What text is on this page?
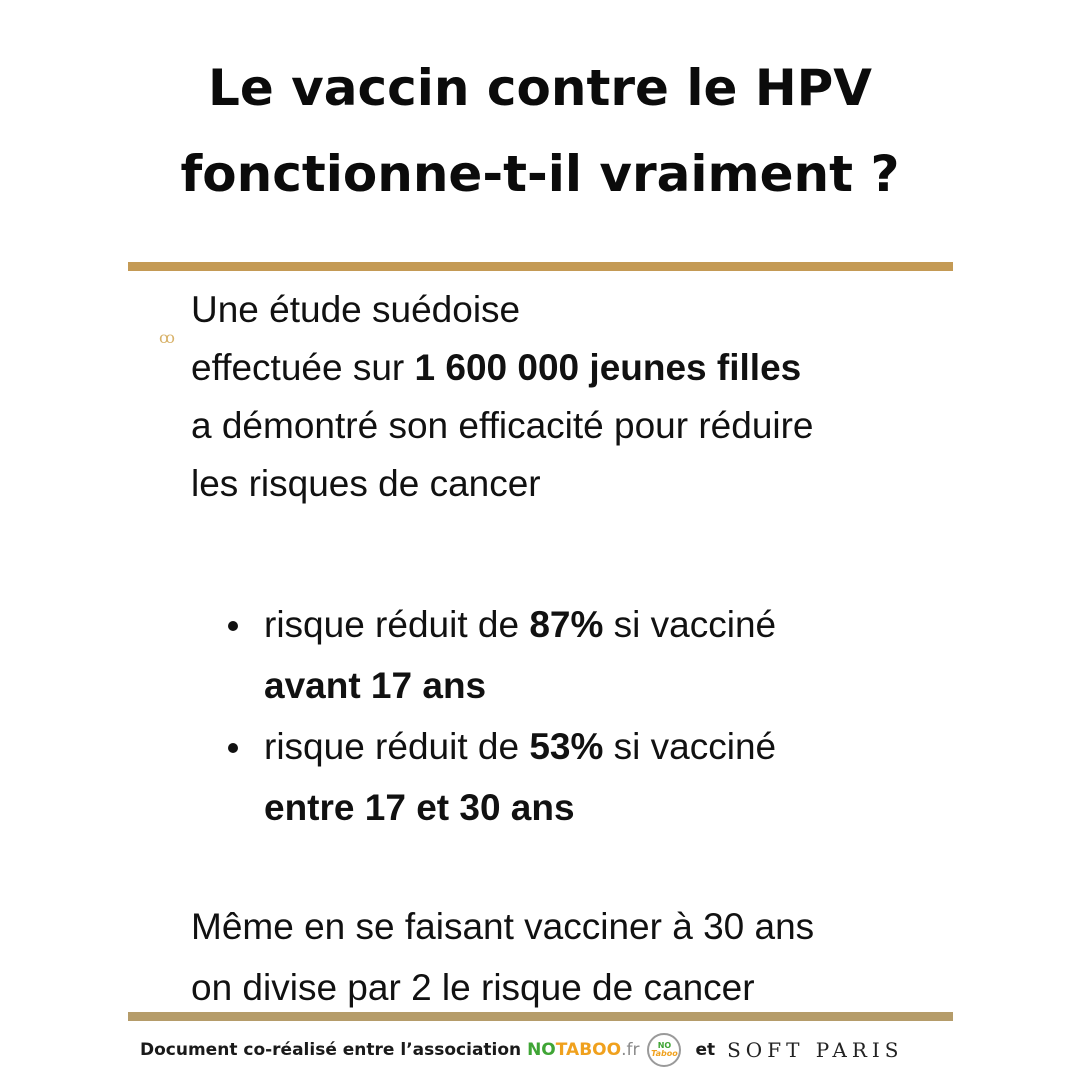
Le vaccin contre le HPV
fonctionne-t-il vraiment ?
ꝏ
Une étude suédoise
effectuée sur 1 600 000 jeunes filles
a démontré son efficacité pour réduire
les risques de cancer
risque réduit de 87% si vacciné
avant 17 ans
risque réduit de 53% si vacciné
entre 17 et 30 ans
Même en se faisant vacciner à 30 ans
on divise par 2 le risque de cancer
Document co-réalisé entre l’association
NOTABOO.fr NO
Taboo et SOFT PARIS
